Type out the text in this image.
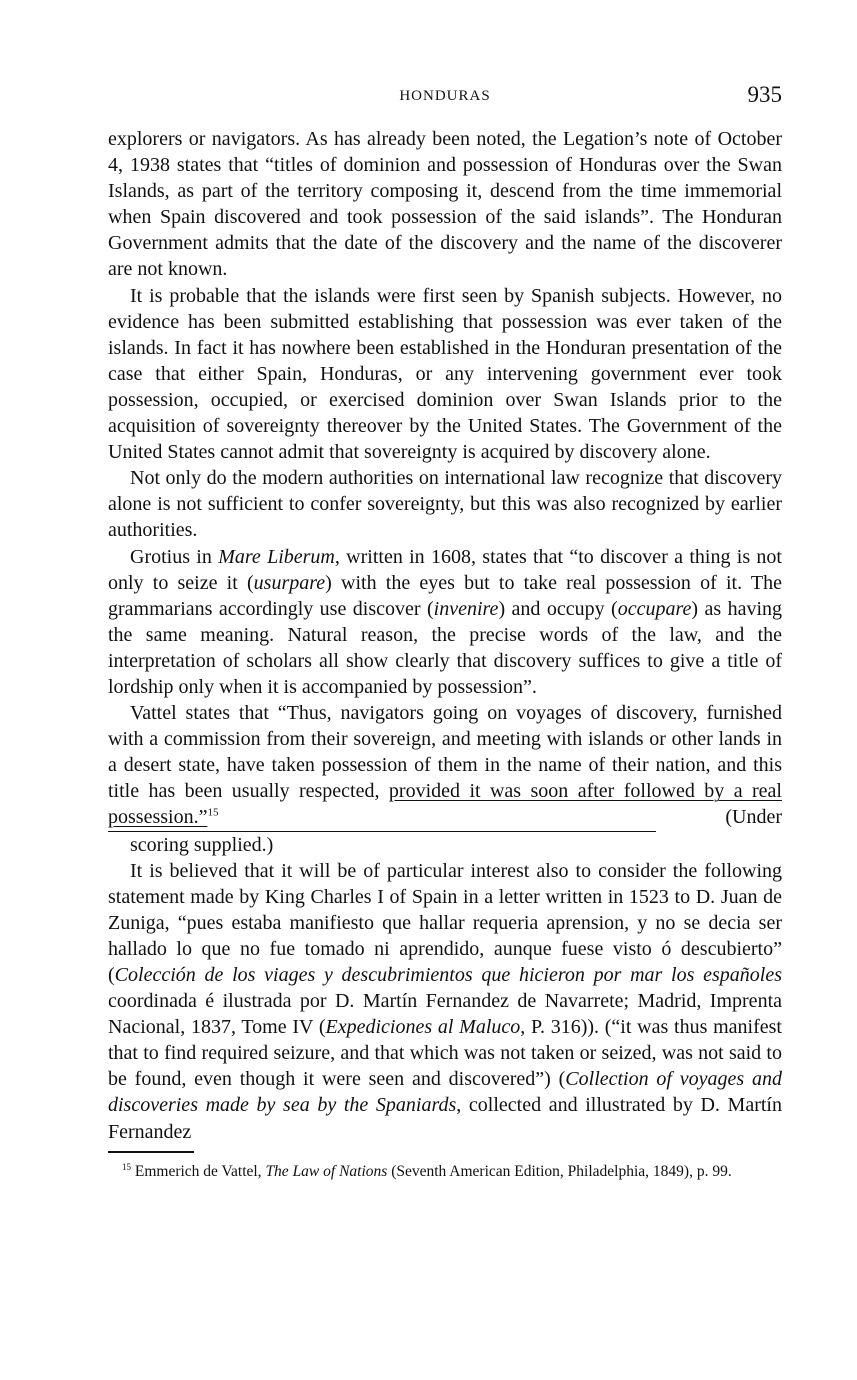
HONDURAS	935

explorers or navigators. As has already been noted, the Legation’s note of October 4, 1938 states that “titles of dominion and possession of Honduras over the Swan Islands, as part of the territory composing it, descend from the time immemorial when Spain discovered and took possession of the said islands”. The Honduran Government admits that the date of the discovery and the name of the discoverer are not known.

It is probable that the islands were first seen by Spanish subjects. However, no evidence has been submitted establishing that possession was ever taken of the islands. In fact it has nowhere been established in the Honduran presentation of the case that either Spain, Honduras, or any intervening government ever took possession, occupied, or exercised dominion over Swan Islands prior to the acquisition of sovereignty thereover by the United States. The Government of the United States cannot admit that sovereignty is acquired by discovery alone.

Not only do the modern authorities on international law recognize that discovery alone is not sufficient to confer sovereignty, but this was also recognized by earlier authorities.

Grotius in Mare Liberum, written in 1608, states that “to discover a thing is not only to seize it (usurpare) with the eyes but to take real possession of it. The grammarians accordingly use discover (invenire) and occupy (occupare) as having the same meaning. Natural reason, the precise words of the law, and the interpretation of scholars all show clearly that discovery suffices to give a title of lordship only when it is accompanied by possession”.

Vattel states that “Thus, navigators going on voyages of discovery, furnished with a commission from their sovereign, and meeting with islands or other lands in a desert state, have taken possession of them in the name of their nation, and this title has been usually respected, provided it was soon after followed by a real possession.”$^{15}$ (Under scoring supplied.)

It is believed that it will be of particular interest also to consider the following statement made by King Charles I of Spain in a letter written in 1523 to D. Juan de Zuniga, “pues estaba manifiesto que hallar requeria aprension, y no se decia ser hallado lo que no fue tomado ni aprendido, aunque fuese visto ó descubierto” (Colección de los viages y descubrimientos que hicieron por mar los españoles coordinada é ilustrada por D. Martín Fernandez de Navarrete; Madrid, Imprenta Nacional, 1837, Tome IV (Expediciones al Maluco, P. 316)). (“it was thus manifest that to find required seizure, and that which was not taken or seized, was not said to be found, even though it were seen and discovered”) (Collection of voyages and discoveries made by sea by the Spaniards, collected and illustrated by D. Martín Fernandez

$^{15}$ Emmerich de Vattel, The Law of Nations (Seventh American Edition, Philadelphia, 1849), p. 99.
